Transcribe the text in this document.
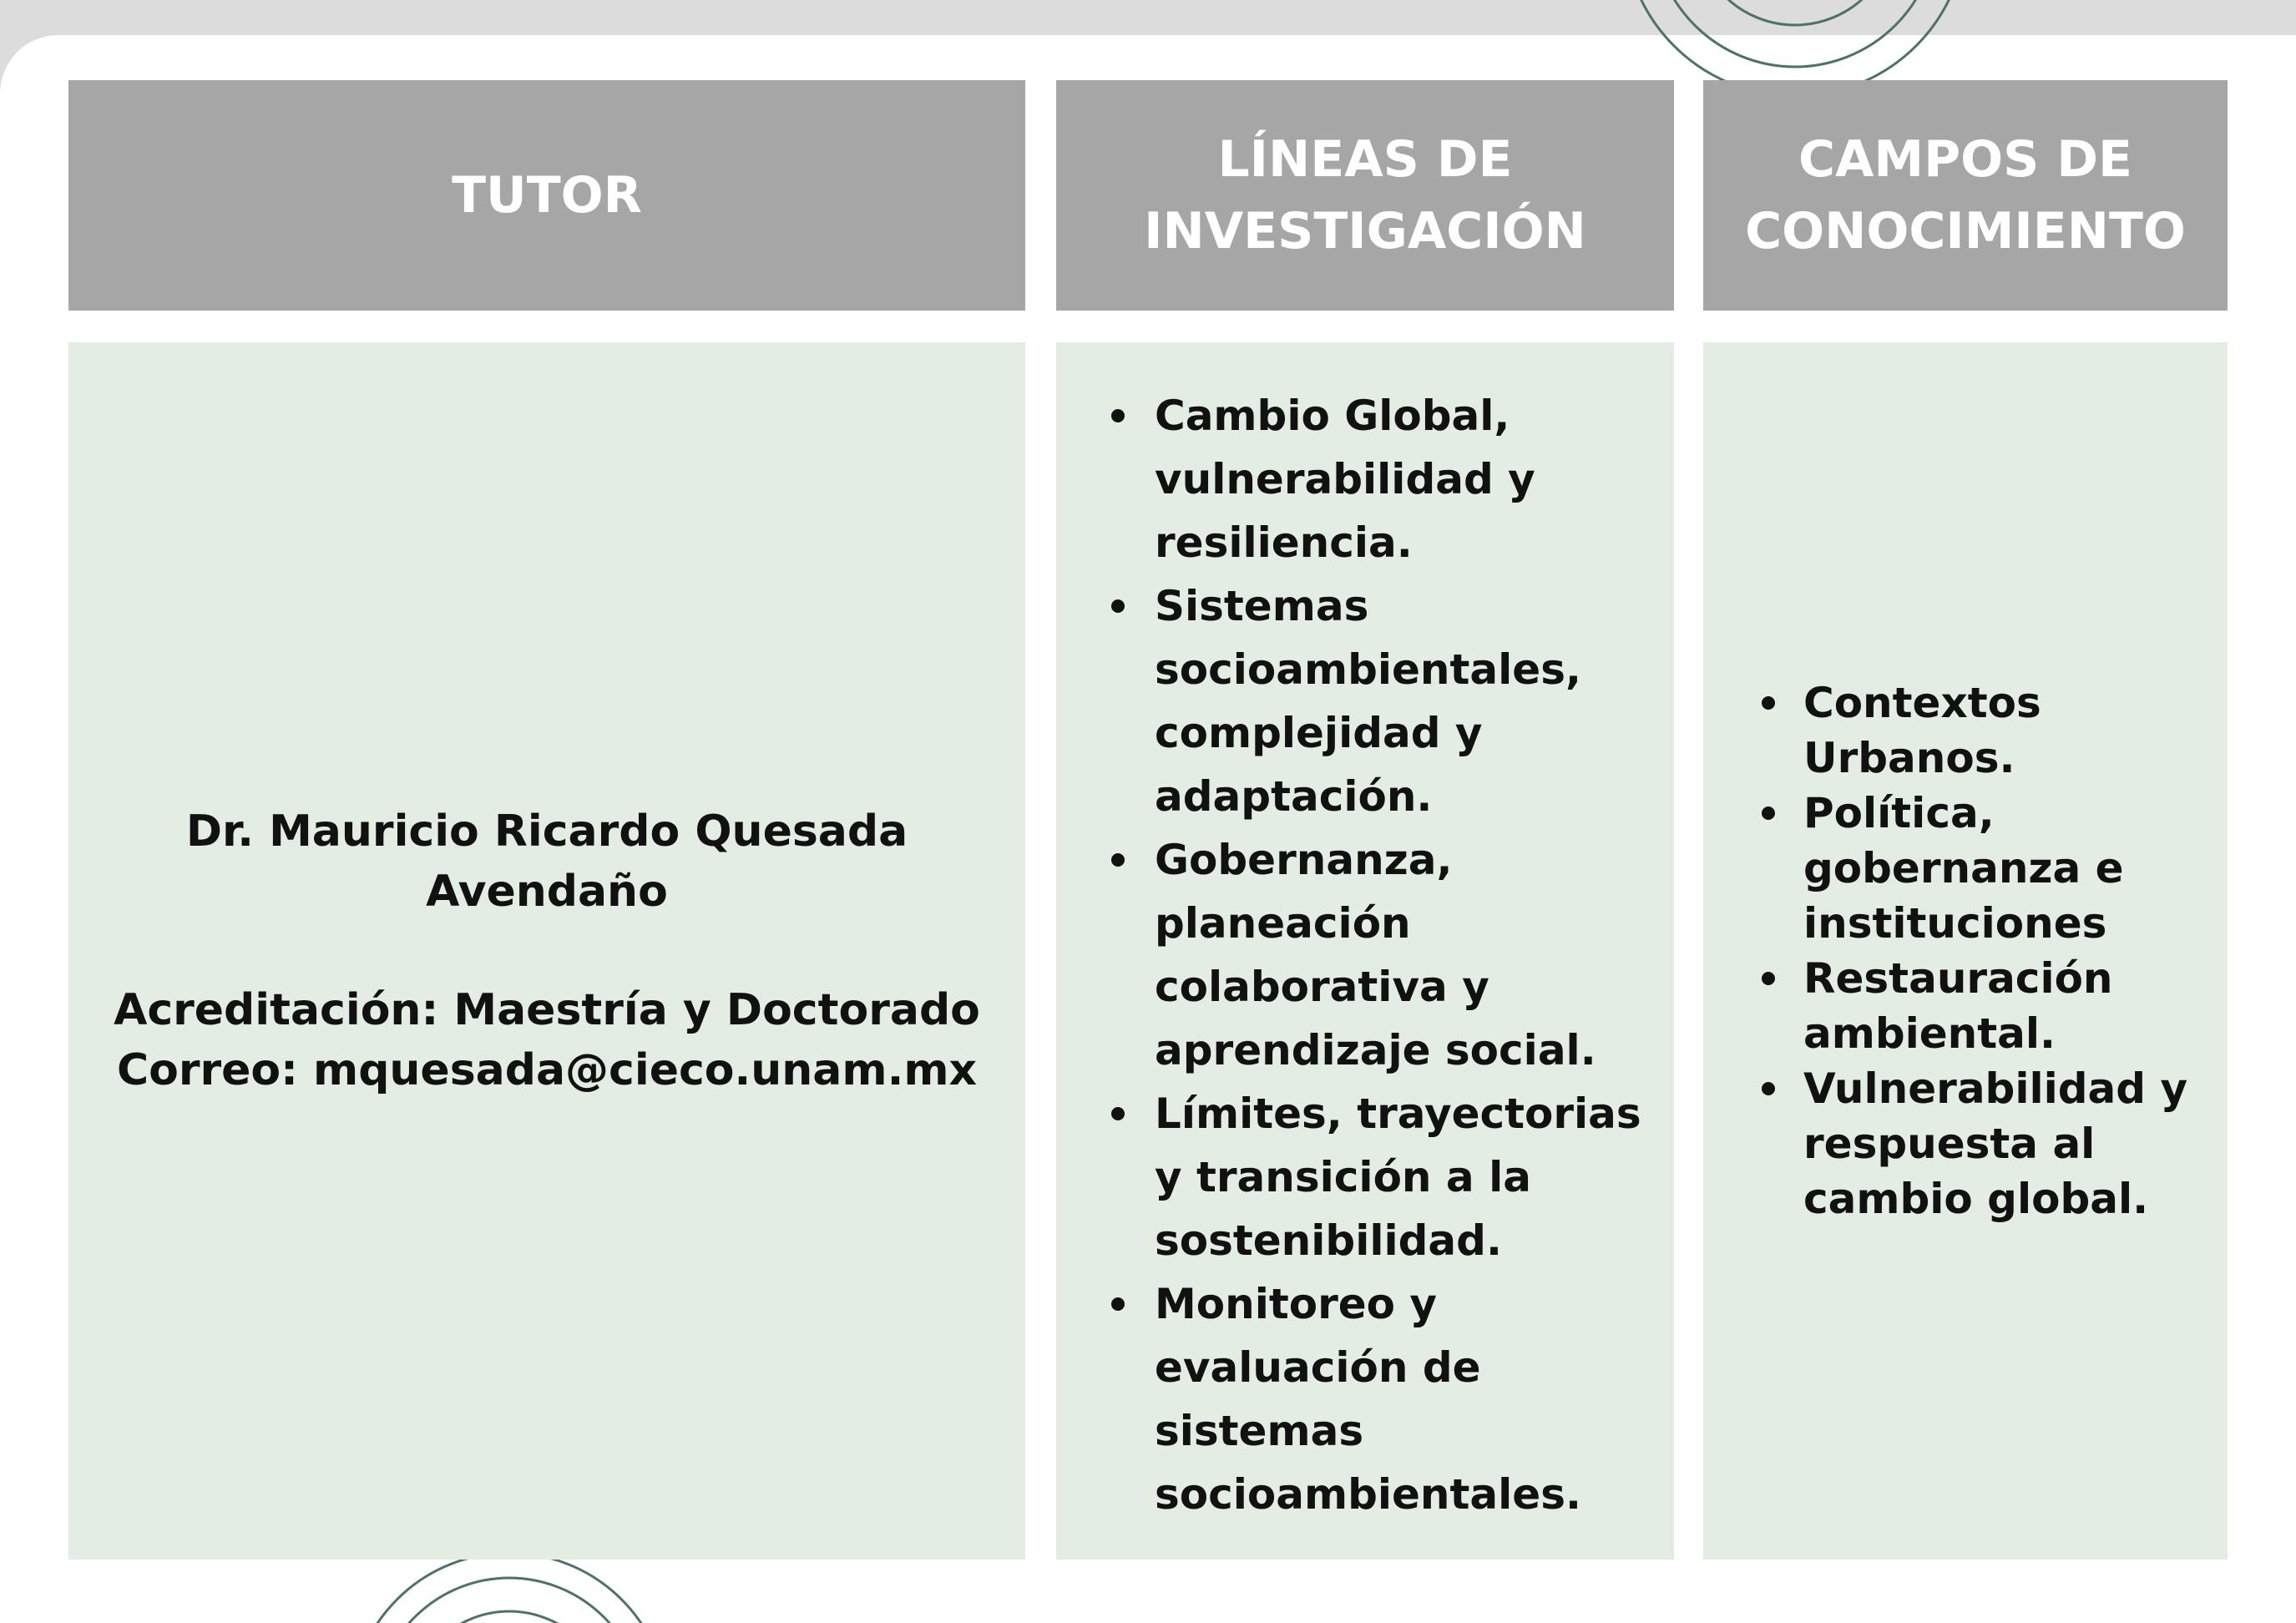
TUTOR
LÍNEAS DE
INVESTIGACIÓN
CAMPOS DE
CONOCIMIENTO

Dr. Mauricio Ricardo Quesada

Avendaño

Acreditación: Maestría y Doctorado

Correo: mquesada@cieco.unam.mx

Cambio Global, vulnerabilidad y resiliencia.
Sistemas socioambientales, complejidad y adaptación.
Gobernanza, planeación colaborativa y aprendizaje social.
Límites, trayectorias y transición a la sostenibilidad.
Monitoreo y evaluación de sistemas socioambientales.
Contextos Urbanos.
Política, gobernanza e instituciones
Restauración ambiental.
Vulnerabilidad y respuesta al cambio global.
